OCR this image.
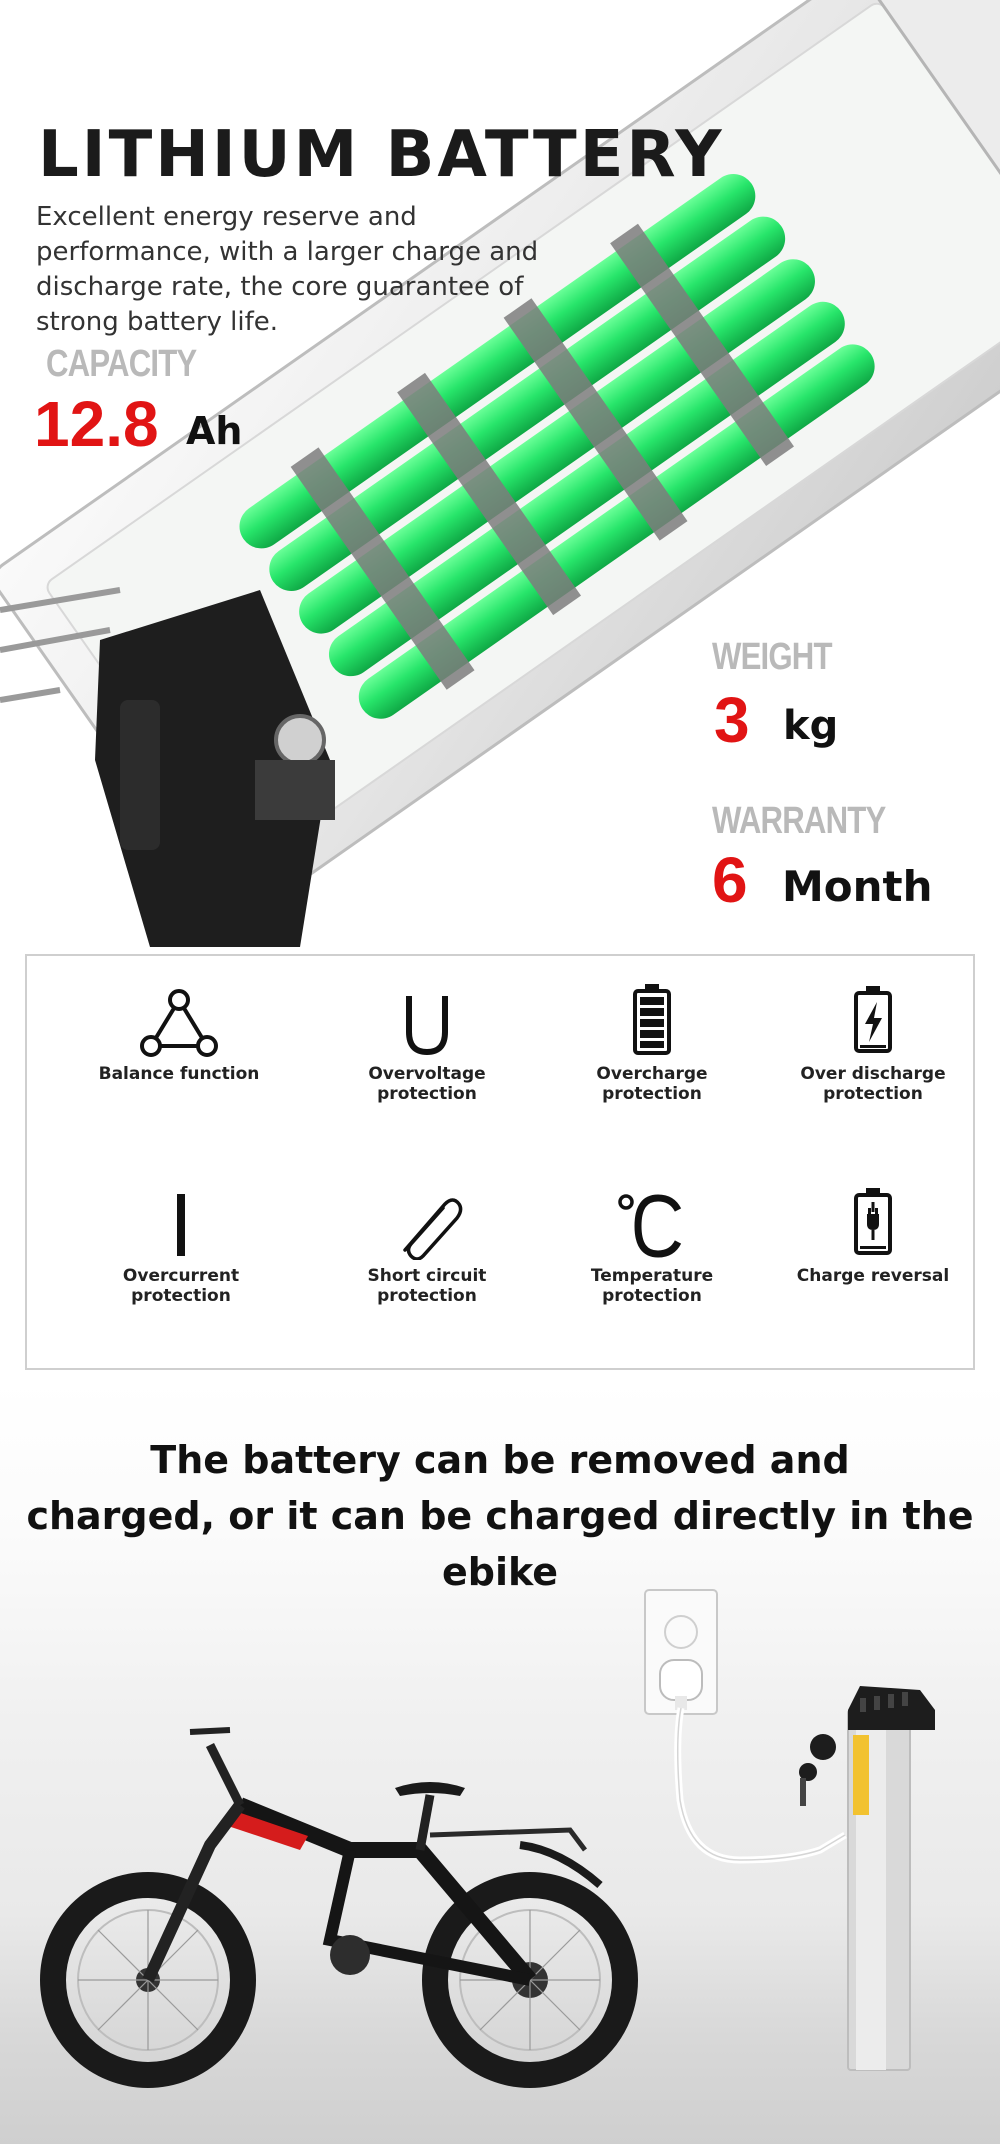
LITHIUM BATTERY

Excellent energy reserve and performance, with a larger charge and discharge rate, the core guarantee of strong battery life.

CAPACITY
12.8 Ah
WEIGHT
3 kg
WARRANTY
6 Month
Balance function	Overvoltage protection
Overcharge protection
Over discharge protection
Overcurrent protection
Short circuit protection
Temperature protection
Charge reversal
The battery can be removed and
charged, or it can be charged directly in the ebike
